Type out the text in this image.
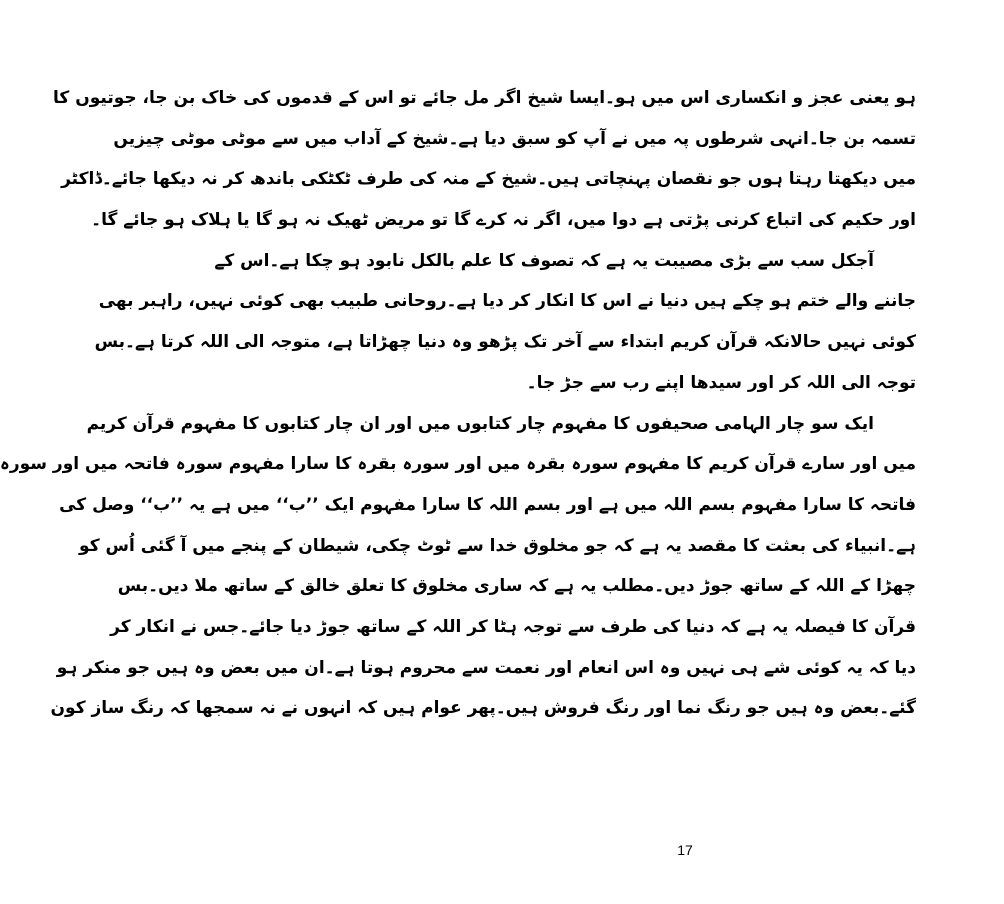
ہو یعنی عجز و انکساری اس میں ہو۔ایسا شیخ اگر مل جائے تو اس کے قدموں کی خاک بن جا، جوتیوں کا
تسمہ بن جا۔انہی شرطوں پہ میں نے آپ کو سبق دیا ہے۔شیخ کے آداب میں سے موٹی موٹی چیزیں
میں دیکھتا رہتا ہوں جو نقصان پہنچاتی ہیں۔شیخ کے منہ کی طرف ٹکٹکی باندھ کر نہ دیکھا جائے۔ڈاکٹر
اور حکیم کی اتباع کرنی پڑتی ہے دوا میں، اگر نہ کرے گا تو مریض ٹھیک نہ ہو گا یا ہلاک ہو جائے گا۔
آجکل سب سے بڑی مصیبت یہ ہے کہ تصوف کا علم بالکل نابود ہو چکا ہے۔اس کے
جاننے والے ختم ہو چکے ہیں دنیا نے اس کا انکار کر دیا ہے۔روحانی طبیب بھی کوئی نہیں، راہبر بھی
کوئی نہیں حالانکہ قرآن کریم ابتداء سے آخر تک پڑھو وہ دنیا چھڑاتا ہے، متوجہ الی اللہ کرتا ہے۔بس
توجہ الی اللہ کر اور سیدھا اپنے رب سے جڑ جا۔
ایک سو چار الہامی صحیفوں کا مفہوم چار کتابوں میں اور ان چار کتابوں کا مفہوم قرآن کریم
میں اور سارے قرآن کریم کا مفہوم سورہ بقرہ میں اور سورہ بقرہ کا سارا مفہوم سورہ فاتحہ میں اور سورہ
فاتحہ کا سارا مفہوم بسم اللہ میں ہے اور بسم اللہ کا سارا مفہوم ایک ’’ب‘‘ میں ہے یہ ’’ب‘‘ وصل کی
ہے۔انبیاء کی بعثت کا مقصد یہ ہے کہ جو مخلوق خدا سے ٹوٹ چکی، شیطان کے پنجے میں آ گئی اُس کو
چھڑا کے اللہ کے ساتھ جوڑ دیں۔مطلب یہ ہے کہ ساری مخلوق کا تعلق خالق کے ساتھ ملا دیں۔بس
قرآن کا فیصلہ یہ ہے کہ دنیا کی طرف سے توجہ ہٹا کر اللہ کے ساتھ جوڑ دیا جائے۔جس نے انکار کر
دیا کہ یہ کوئی شے ہی نہیں وہ اس انعام اور نعمت سے محروم ہوتا ہے۔ان میں بعض وہ ہیں جو منکر ہو
گئے۔بعض وہ ہیں جو رنگ نما اور رنگ فروش ہیں۔پھر عوام ہیں کہ انہوں نے نہ سمجھا کہ رنگ ساز کون
17
